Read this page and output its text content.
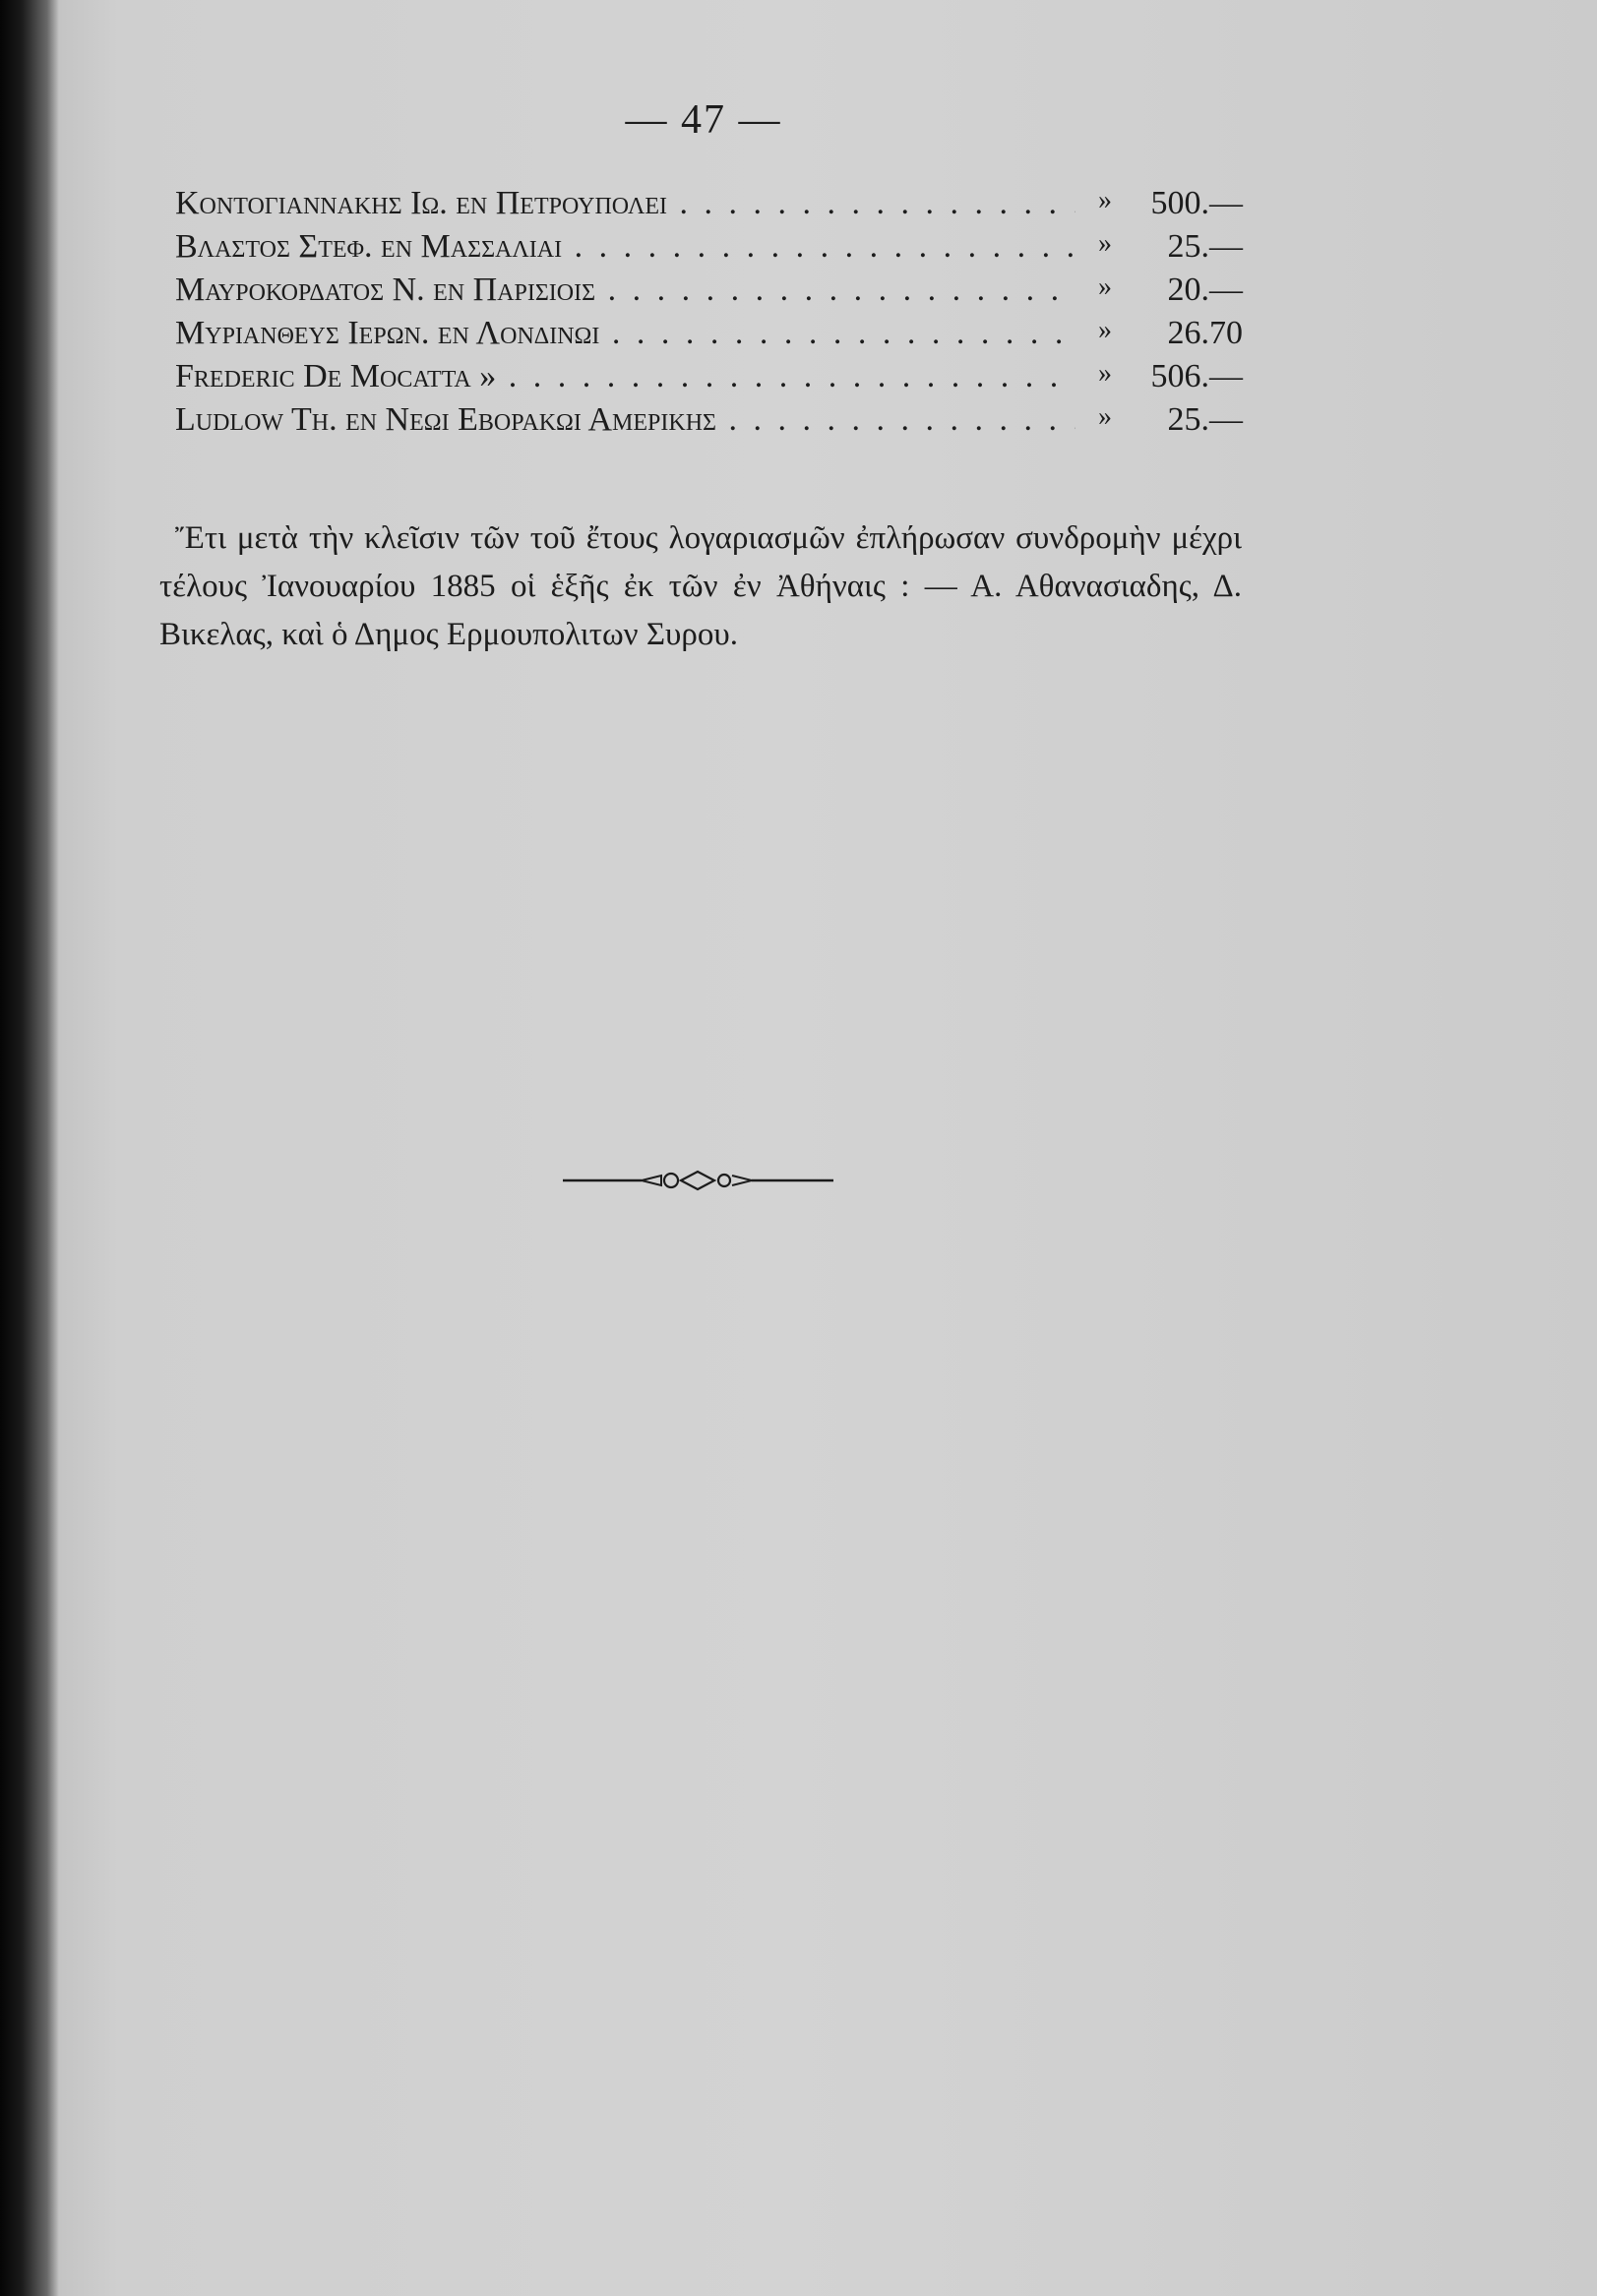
— 47 —
Κοντογιαννακης Ιω. εν Πετρουπολει . . .	»	500.—
Βλαστος Στεφ. εν Μασσαλιᾳ . . .	»	25.—
Μαυροκορδατος Ν. εν Παρισιοις . . .	»	20.—
Μυριανθευς Ιερων. εν Λονδινῳ . . .	»	26.70
Frederic De Mocatta » . . .	»	506.—
Ludlow Th. εν Νεῳ Εβορακῳ Αμερικης . . .	»	25.—

Ἔτι μετὰ τὴν κλεῖσιν τῶν τοῦ ἔτους λογαριασμῶν ἐπλήρωσαν συνδρομὴν μέχρι τέλους Ἰανουαρίου 1885 οἱ ἑξῆς ἐκ τῶν ἐν Ἀθήναις : — Α. Αθανασιαδης, Δ. Βικελας, καὶ ὁ Δημος Ερμουπολιτων Συρου.
